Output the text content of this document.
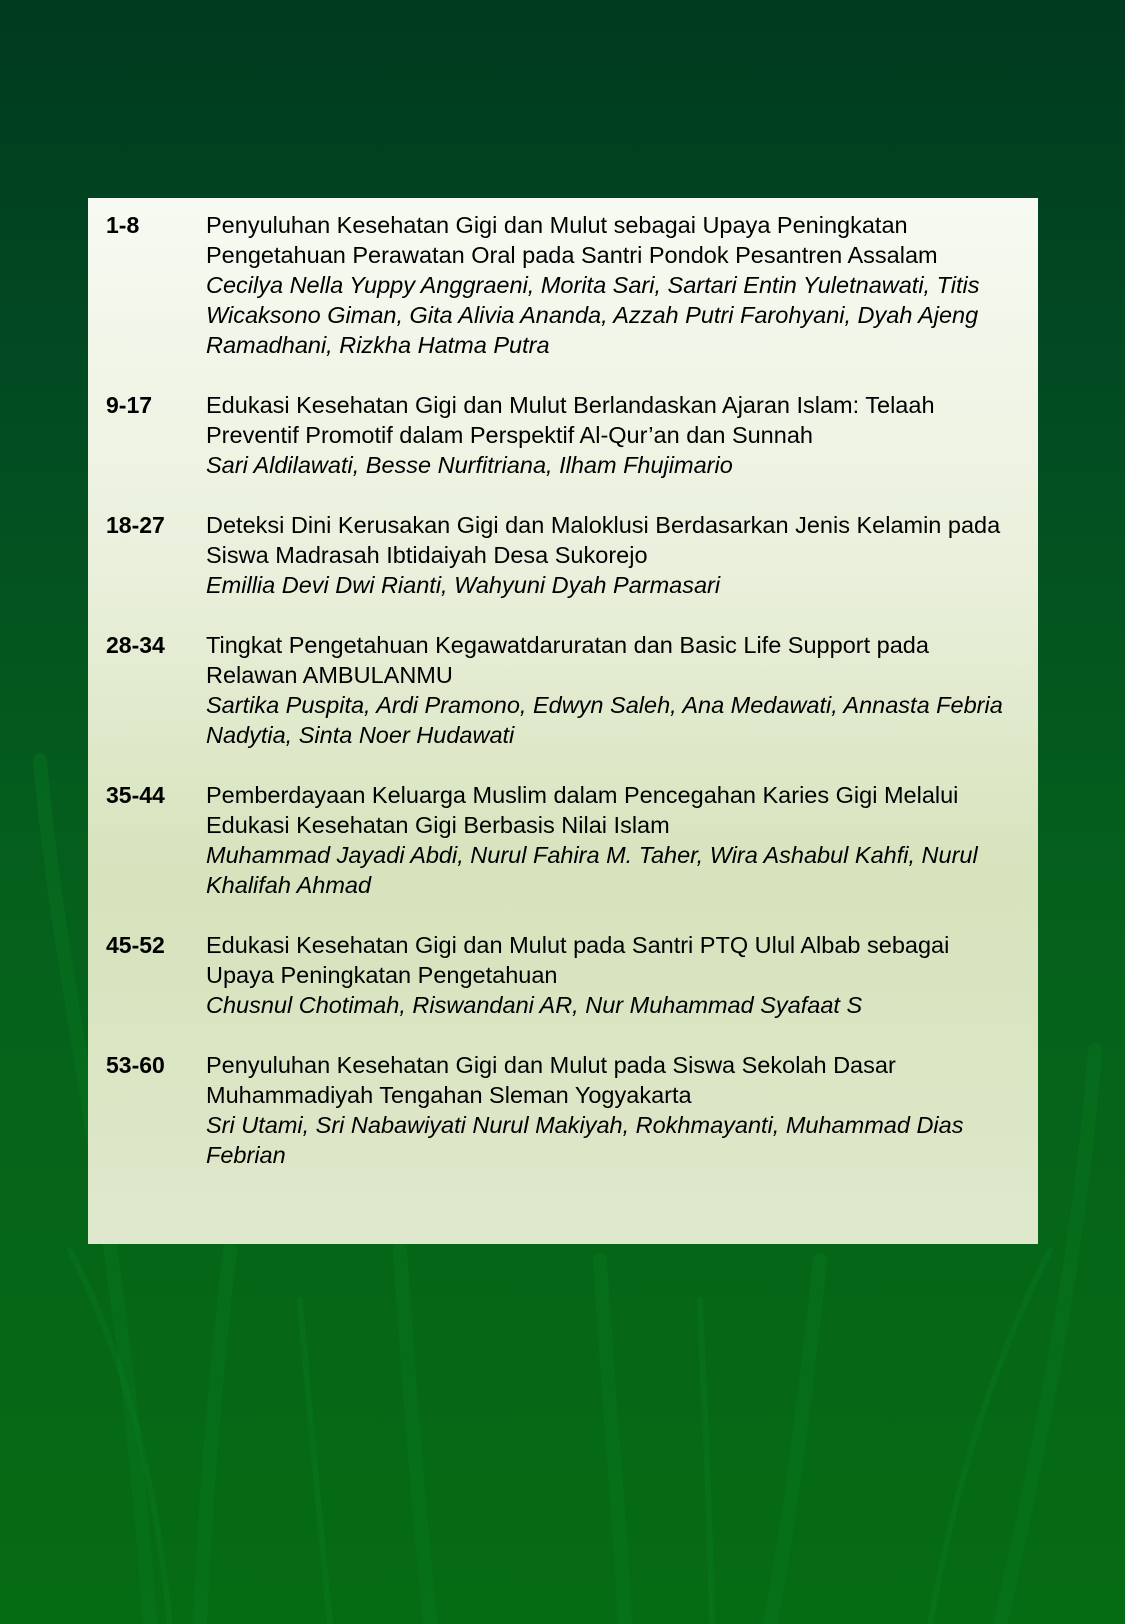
1-8	Penyuluhan Kesehatan Gigi dan Mulut sebagai Upaya Peningkatan Pengetahuan Perawatan Oral pada Santri Pondok Pesantren Assalam
Cecilya Nella Yuppy Anggraeni, Morita Sari, Sartari Entin Yuletnawati, Titis Wicaksono Giman, Gita Alivia Ananda, Azzah Putri Farohyani, Dyah Ajeng Ramadhani, Rizkha Hatma Putra
9-17	Edukasi Kesehatan Gigi dan Mulut Berlandaskan Ajaran Islam: Telaah Preventif Promotif dalam Perspektif Al-Qur’an dan Sunnah
Sari Aldilawati, Besse Nurfitriana, Ilham Fhujimario
18-27	Deteksi Dini Kerusakan Gigi dan Maloklusi Berdasarkan Jenis Kelamin pada Siswa Madrasah Ibtidaiyah Desa Sukorejo
Emillia Devi Dwi Rianti, Wahyuni Dyah Parmasari
28-34	Tingkat Pengetahuan Kegawatdaruratan dan Basic Life Support pada Relawan AMBULANMU
Sartika Puspita, Ardi Pramono, Edwyn Saleh, Ana Medawati, Annasta Febria Nadytia, Sinta Noer Hudawati
35-44	Pemberdayaan Keluarga Muslim dalam Pencegahan Karies Gigi Melalui Edukasi Kesehatan Gigi Berbasis Nilai Islam
Muhammad Jayadi Abdi, Nurul Fahira M. Taher, Wira Ashabul Kahfi, Nurul Khalifah Ahmad
45-52	Edukasi Kesehatan Gigi dan Mulut pada Santri PTQ Ulul Albab sebagai Upaya Peningkatan Pengetahuan
Chusnul Chotimah, Riswandani AR, Nur Muhammad Syafaat S
53-60	Penyuluhan Kesehatan Gigi dan Mulut pada Siswa Sekolah Dasar Muhammadiyah Tengahan Sleman Yogyakarta
Sri Utami, Sri Nabawiyati Nurul Makiyah, Rokhmayanti, Muhammad Dias Febrian
